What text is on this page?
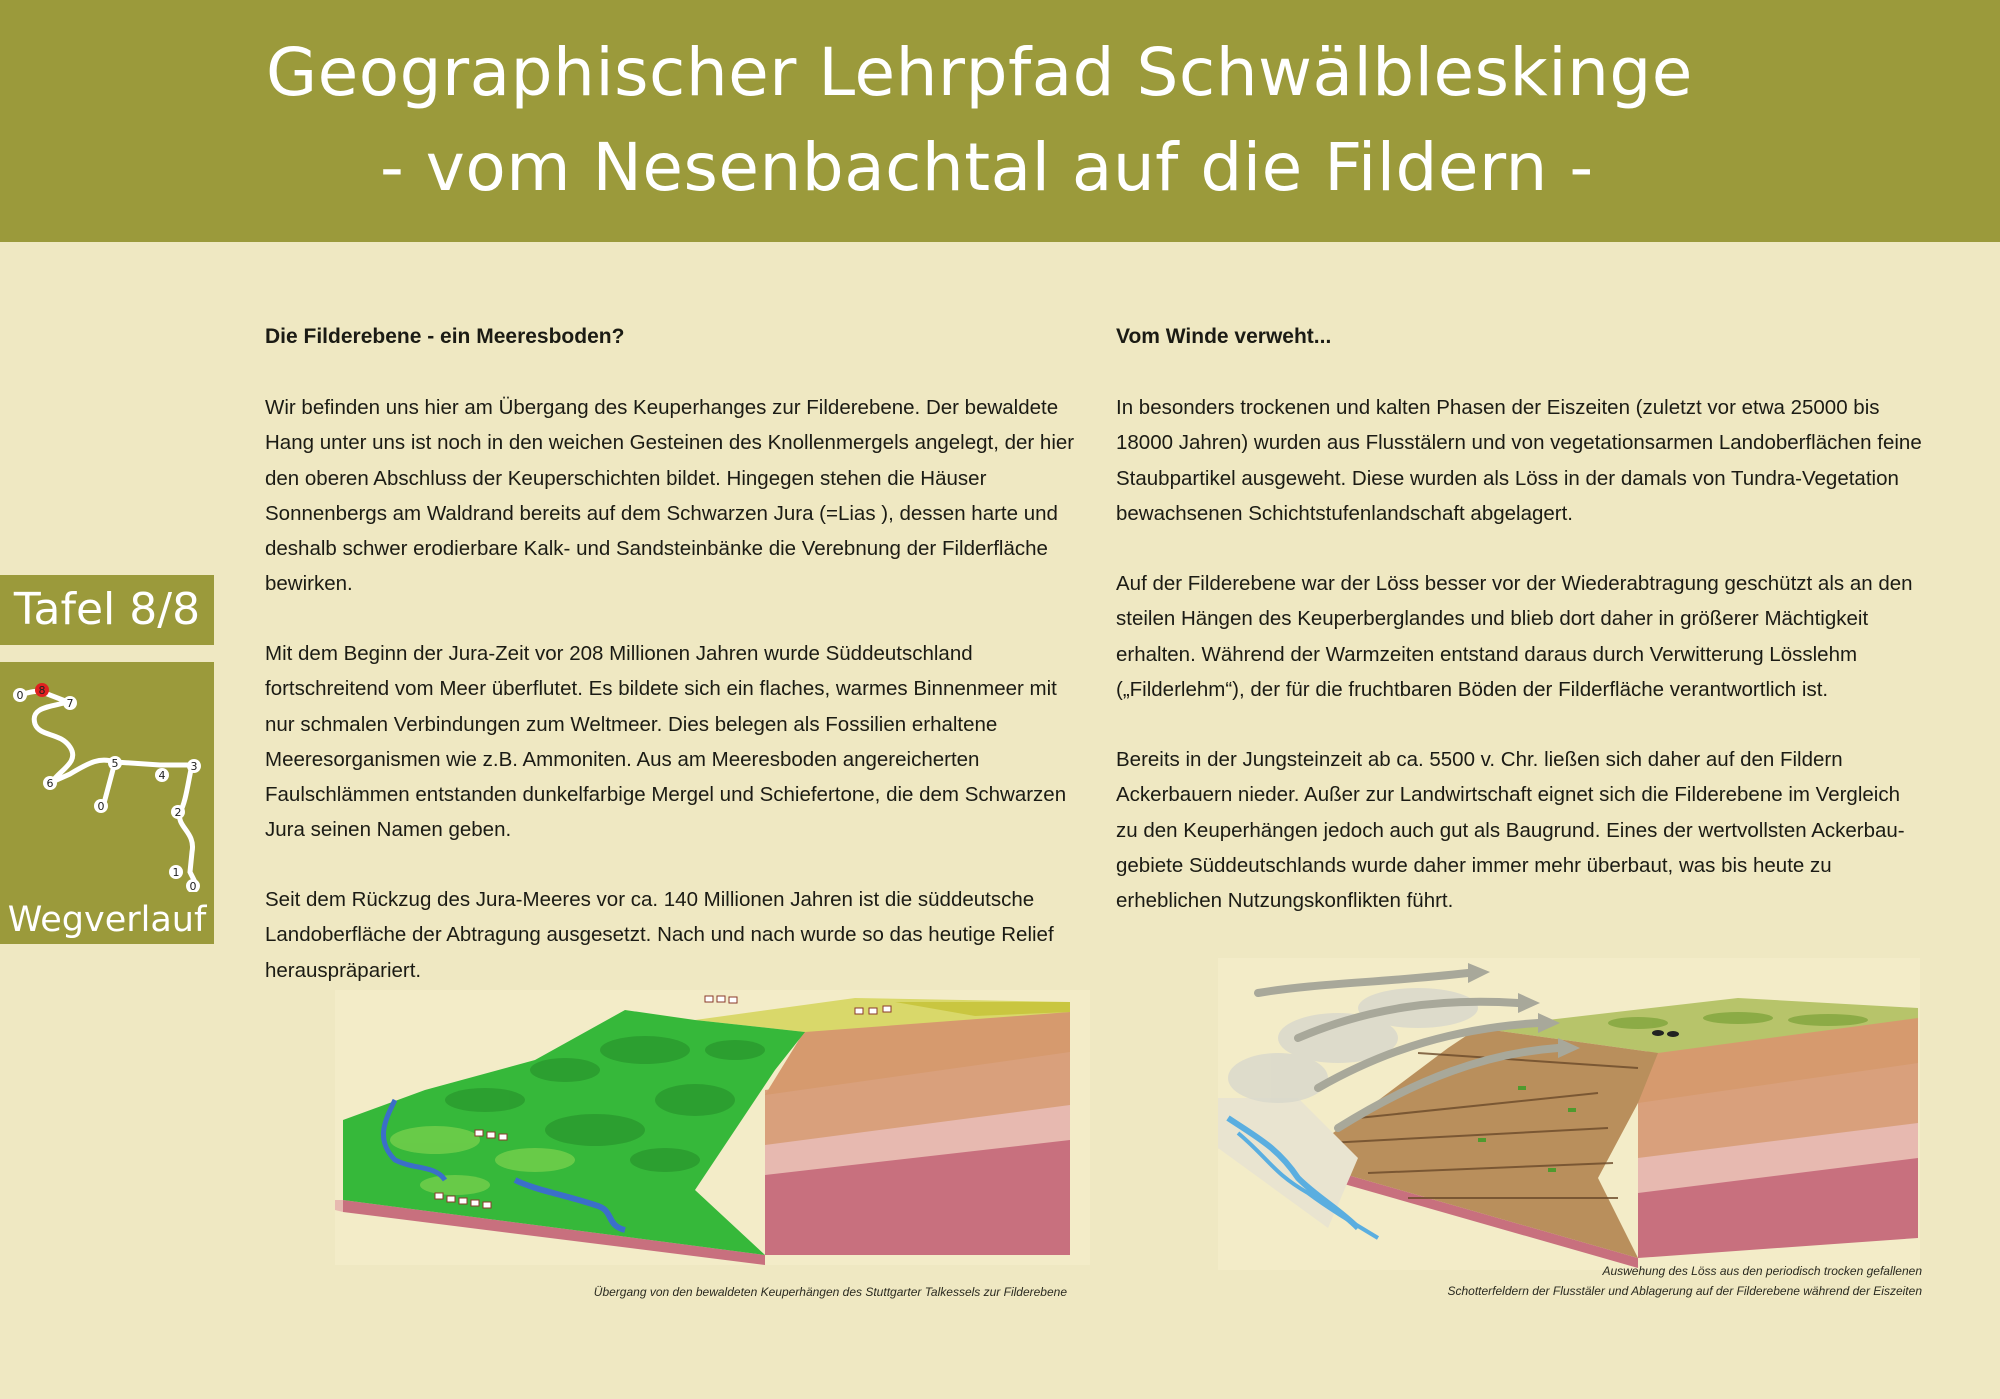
Geographischer Lehrpfad Schwälbleskinge
- vom Nesenbachtal auf die Fildern -
Tafel 8/8
0 8
7
6
5
4
3
0	2
1
0
Wegverlauf
Die Filderebene - ein Meeresboden?

Wir befinden uns hier am Übergang des Keuperhanges zur Filderebene. Der bewaldete Hang unter uns ist noch in den weichen Gesteinen des Knollenmergels angelegt, der hier den oberen Abschluss der Keuperschichten bildet. Hingegen stehen die Häuser Sonnenbergs am Waldrand bereits auf dem Schwarzen Jura (=Lias ), dessen harte und deshalb schwer erodierbare Kalk- und Sandsteinbänke die Verebnung der Filderfläche bewirken.

Mit dem Beginn der Jura-Zeit vor 208 Millionen Jahren wurde Süddeutschland fortschreitend vom Meer überflutet. Es bildete sich ein flaches, warmes Binnenmeer mit nur schmalen Verbindungen zum Weltmeer. Dies belegen als Fossilien erhaltene Meeresorganismen wie z.B. Ammoniten. Aus am Meeresboden angereicherten Faulschlämmen entstanden dunkelfarbige Mergel und Schiefertone, die dem Schwarzen Jura seinen Namen geben.

Seit dem Rückzug des Jura-Meeres vor ca. 140 Millionen Jahren ist die süddeutsche Landoberfläche der Abtragung ausgesetzt. Nach und nach wurde so das heutige Relief herauspräpariert.

Vom Winde verweht...

In besonders trockenen und kalten Phasen der Eiszeiten (zuletzt vor etwa 25000 bis 18000 Jahren) wurden aus Flusstälern und von vegetationsarmen Landoberflächen feine Staubpartikel ausgeweht. Diese wurden als Löss in der damals von Tundra-Vegetation bewachsenen Schichtstufenlandschaft abgelagert.

Auf der Filderebene war der Löss besser vor der Wiederabtragung geschützt als an den steilen Hängen des Keuperberglandes und blieb dort daher in größerer Mächtigkeit erhalten. Während der Warmzeiten entstand daraus durch Verwitterung Lösslehm („Filderlehm“), der für die fruchtbaren Böden der Filderfläche verantwortlich ist.

Bereits in der Jungsteinzeit ab ca. 5500 v. Chr. ließen sich daher auf den Fildern Ackerbauern nieder. Außer zur Landwirtschaft eignet sich die Filderebene im Vergleich zu den Keuperhängen jedoch auch gut als Baugrund. Eines der wertvollsten Ackerbau-gebiete Süddeutschlands wurde daher immer mehr überbaut, was bis heute zu erheblichen Nutzungskonflikten führt.

Übergang von den bewaldeten Keuperhängen des Stuttgarter Talkessels zur Filderebene
Auswehung des Löss aus den periodisch trocken gefallenen
Schotterfeldern der Flusstäler und Ablagerung auf der Filderebene während der Eiszeiten
